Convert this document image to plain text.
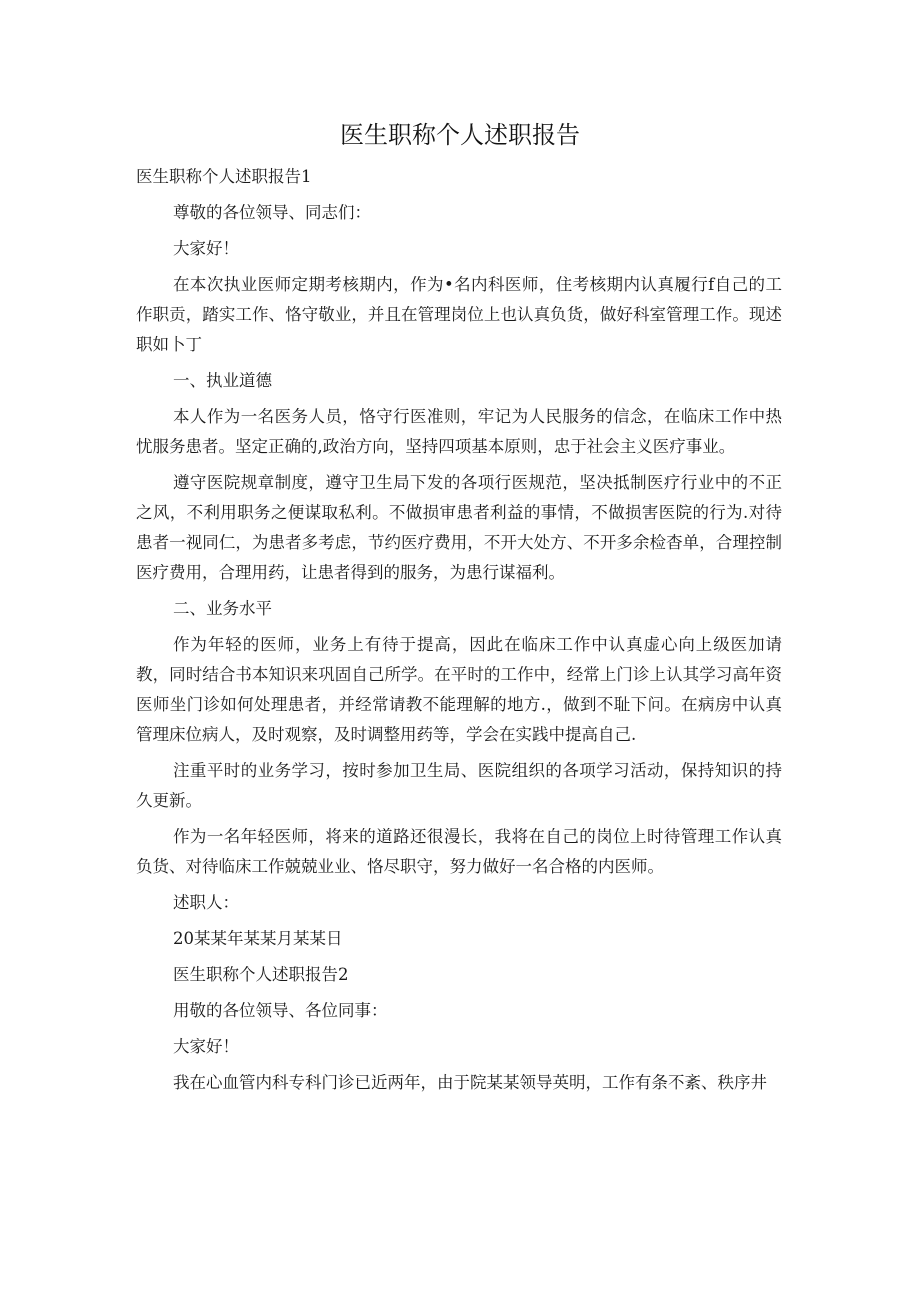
医生职称个人述职报告

医生职称个人述职报告1

尊敬的各位领导、同志们：

大家好！

在本次执业医师定期考核期内，作为•名内科医师，住考核期内认真履行f自己的工作职贡，踏实工作、恪守敬业，并且在管理岗位上也认真负货，做好科室管理工作。现述职如卜丁

一、执业道德

本人作为一名医务人员，恪守行医准则，牢记为人民服务的信念，在临床工作中热忧服务患者。坚定正确的,政治方向，坚持四项基本原则，忠于社会主义医疗事业。

遵守医院规章制度，遵守卫生局下发的各项行医规范，坚决抵制医疗行业中的不正之风，不利用职务之便谋取私利。不做损审患者利益的事情，不做损害医院的行为.对待患者一视同仁，为患者多考虑，节约医疗费用，不开大处方、不开多余检杳单，合理控制医疗费用，合理用药，让患者得到的服务，为患行谋福利。

二、业务水平

作为年轻的医师，业务上有待于提高，因此在临床工作中认真虚心向上级医加请教，同时结合书本知识来巩固自己所学。在平时的工作中，经常上门诊上认其学习高年资医师坐门诊如何处理患者，并经常请教不能理解的地方.，做到不耻下问。在病房中认真管理床位病人，及时观察，及时调整用药等，学会在实践中提高自己.

注重平时的业务学习，按时参加卫生局、医院组织的各项学习活动，保持知识的持久更新。

作为一名年轻医师，将来的道路还很漫长，我将在自己的岗位上时待管理工作认真负货、对待临床工作兢兢业业、恪尽职守，努力做好一名合格的内医师。

述职人：

20某某年某某月某某日

医生职称个人述职报告2

用敬的各位领导、各位同事：

大家好！

我在心血管内科专科门诊已近两年，由于院某某领导英明，工作有条不紊、秩序井
